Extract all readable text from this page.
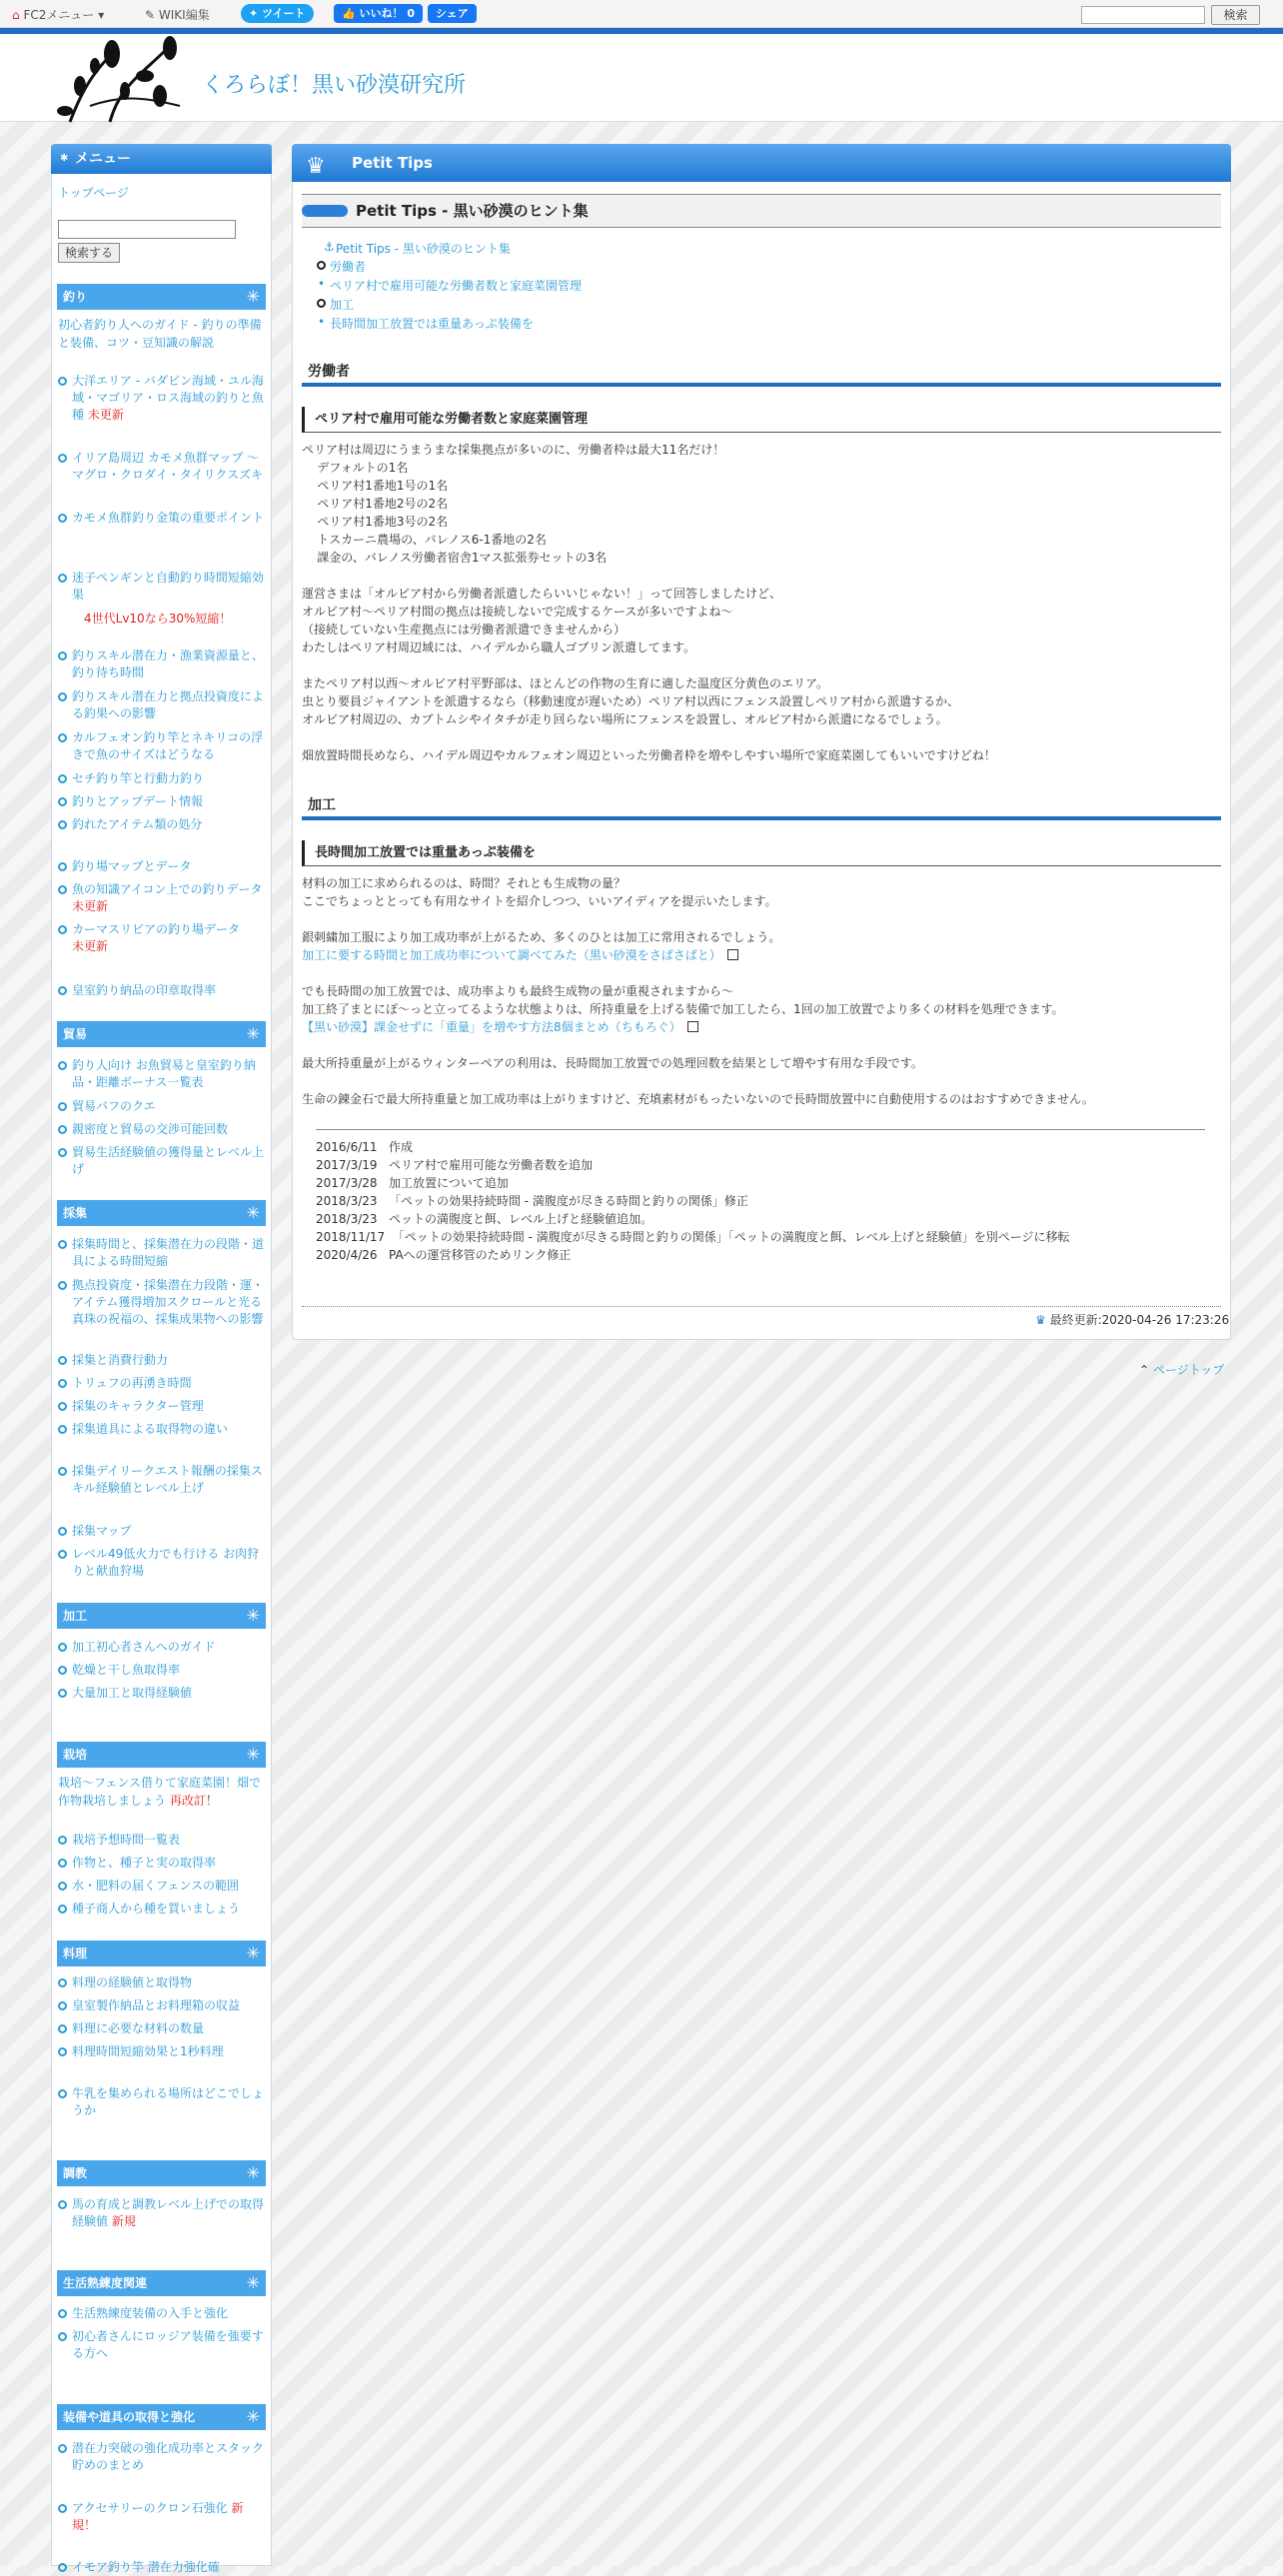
⌂ FC2メニュー ▾	✎ WIKI編集	✦ ツイート	👍 いいね！ 0	シェア	検索
くろらぼ！黒い砂漠研究所
✱ メニュー
トップページ
検索する
釣り	✳
初心者釣り人へのガイド - 釣りの準備と装備、コツ・豆知識の解説
大洋エリア - バダビン海域・ユル海域・マゴリア・ロス海域の釣りと魚種 未更新
イリア島周辺 カモメ魚群マップ ～マグロ・クロダイ・タイリクスズキ
カモメ魚群釣り金策の重要ポイント
迷子ペンギンと自動釣り時間短縮効果
4世代Lv10なら30%短縮！
釣りスキル潜在力・漁業資源量と、釣り待ち時間
釣りスキル潜在力と拠点投資度による釣果への影響
カルフェオン釣り竿とネキリコの浮きで魚のサイズはどうなる
セチ釣り竿と行動力釣り
釣りとアップデート情報
釣れたアイテム類の処分
釣り場マップとデータ
魚の知識アイコン上での釣りデータ 未更新
カーマスリビアの釣り場データ
未更新
皇室釣り納品の印章取得率
貿易	✳
釣り人向け お魚貿易と皇室釣り納品・距離ボーナス一覧表
貿易パフのクエ
親密度と貿易の交渉可能回数
貿易生活経験値の獲得量とレベル上げ
採集	✳
採集時間と、採集潜在力の段階・道具による時間短縮
拠点投資度・採集潜在力段階・運・アイテム獲得増加スクロールと光る真珠の祝福の、採集成果物への影響
採集と消費行動力
トリュフの再湧き時間
採集のキャラクター管理
採集道具による取得物の違い
採集デイリークエスト報酬の採集スキル経験値とレベル上げ
採集マップ
レベル49低火力でも行ける お肉狩りと献血狩場
加工	✳
加工初心者さんへのガイド
乾燥と干し魚取得率
大量加工と取得経験値
栽培	✳
栽培～フェンス借りて家庭菜園！畑で作物栽培しましょう 再改訂！
栽培予想時間一覧表
作物と、種子と実の取得率
水・肥料の届くフェンスの範囲
種子商人から種を買いましょう
料理	✳
料理の経験値と取得物
皇室製作納品とお料理箱の収益
料理に必要な材料の数量
料理時間短縮効果と1秒料理
牛乳を集められる場所はどこでしょうか
調教	✳
馬の育成と調教レベル上げでの取得経験値 新規
生活熟練度関連	✳
生活熟練度装備の入手と強化
初心者さんにロッジア装備を強要する方へ
装備や道具の取得と強化	✳
潜在力突破の強化成功率とスタック貯めのまとめ
アクセサリーのクロン石強化 新規！
イモア釣り竿 潜在力強化確
♛ Petit Tips
Petit Tips - 黒い砂漠のヒント集
⚓ Petit Tips - 黒い砂漠のヒント集
労働者
• ペリア村で雇用可能な労働者数と家庭菜園管理
加工
• 長時間加工放置では重量あっぷ装備を
労働者
ペリア村で雇用可能な労働者数と家庭菜園管理
ペリア村は周辺にうまうまな採集拠点が多いのに、労働者枠は最大11名だけ！
デフォルトの1名
ペリア村1番地1号の1名
ペリア村1番地2号の2名
ペリア村1番地3号の2名
トスカーニ農場の、バレノス6-1番地の2名
課金の、バレノス労働者宿舎1マス拡張券セットの3名

運営さまは「オルビア村から労働者派遣したらいいじゃない！」って回答しましたけど、
オルビア村～ペリア村間の拠点は接続しないで完成するケースが多いですよね～
（接続していない生産拠点には労働者派遣できませんから）
わたしはペリア村周辺域には、ハイデルから職人ゴブリン派遣してます。

またペリア村以西～オルビア村平野部は、ほとんどの作物の生育に適した温度区分黄色のエリア。
虫とり要員ジャイアントを派遣するなら（移動速度が遅いため）ペリア村以西にフェンス設置しペリア村から派遣するか、
オルビア村周辺の、カブトムシやイタチが走り回らない場所にフェンスを設置し、オルビア村から派遣になるでしょう。

畑放置時間長めなら、ハイデル周辺やカルフェオン周辺といった労働者枠を増やしやすい場所で家庭菜園してもいいですけどね！
加工
長時間加工放置では重量あっぷ装備を
材料の加工に求められるのは、時間？それとも生成物の量？
ここでちょっととっても有用なサイトを紹介しつつ、いいアイディアを提示いたします。

銀刺繍加工服により加工成功率が上がるため、多くのひとは加工に常用されるでしょう。
加工に要する時間と加工成功率について調べてみた（黒い砂漠をさばさばと）
でも長時間の加工放置では、成功率よりも最終生成物の量が重視されますから～
加工終了まとにぽ～っと立ってるような状態よりは、所持重量を上げる装備で加工したら、1回の加工放置でより多くの材料を処理できます。
【黒い砂漠】課金せずに「重量」を増やす方法8個まとめ（ちもろぐ）
最大所持重量が上がるウィンターペアの利用は、長時間加工放置での処理回数を結果として増やす有用な手段です。

生命の錬金石で最大所持重量と加工成功率は上がりますけど、充填素材がもったいないので長時間放置中に自動使用するのはおすすめできません。
2016/6/11   作成
2017/3/19   ペリア村で雇用可能な労働者数を追加
2017/3/28   加工放置について追加
2018/3/23   「ペットの効果持続時間 - 満腹度が尽きる時間と釣りの関係」修正
2018/3/23   ペットの満腹度と餌、レベル上げと経験値追加。
2018/11/17  「ペットの効果持続時間 - 満腹度が尽きる時間と釣りの関係」「ペットの満腹度と餌、レベル上げと経験値」を別ページに移転
2020/4/26   PAへの運営移管のためリンク修正
♛ 最終更新:2020-04-26 17:23:26
⌃ ページトップ
